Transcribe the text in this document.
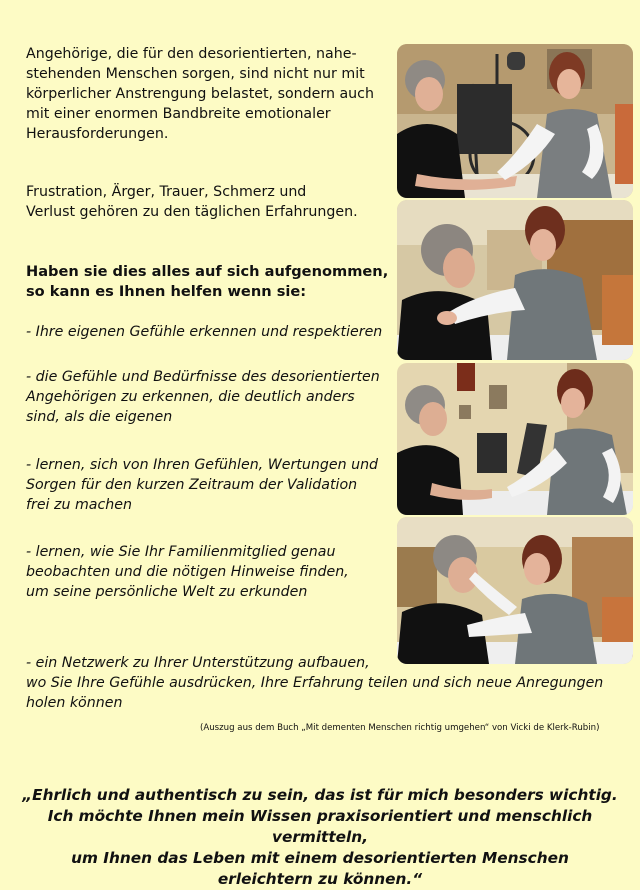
Angehörige, die für den desorientierten, nahe-
stehenden Menschen sorgen, sind nicht nur mit
körperlicher Anstrengung belastet, sondern auch
mit einer enormen Bandbreite emotionaler
Herausforderungen.

Frustration, Ärger, Trauer, Schmerz und
Verlust gehören zu den täglichen Erfahrungen.

Haben sie dies alles auf sich aufgenommen,
so kann es Ihnen helfen wenn sie:

- Ihre eigenen Gefühle erkennen und respektieren

- die Gefühle und Bedürfnisse des desorientierten
Angehörigen zu erkennen, die deutlich anders
sind, als die eigenen

- lernen, sich von Ihren Gefühlen, Wertungen und
Sorgen für den kurzen Zeitraum der Validation
frei zu machen

- lernen, wie Sie Ihr Familienmitglied genau
beobachten und die nötigen Hinweise finden,
um seine persönliche Welt zu erkunden

- ein Netzwerk zu Ihrer Unterstützung aufbauen,
wo Sie Ihre Gefühle ausdrücken, Ihre Erfahrung teilen und sich neue Anregungen
holen können

(Auszug aus dem Buch „Mit dementen Menschen richtig umgehen“ von Vicki de Klerk-Rubin)

„Ehrlich und authentisch zu sein, das ist für mich besonders wichtig.
Ich möchte Ihnen mein Wissen praxisorientiert und menschlich vermitteln,
um Ihnen das Leben mit einem desorientierten Menschen
erleichtern zu können.“
